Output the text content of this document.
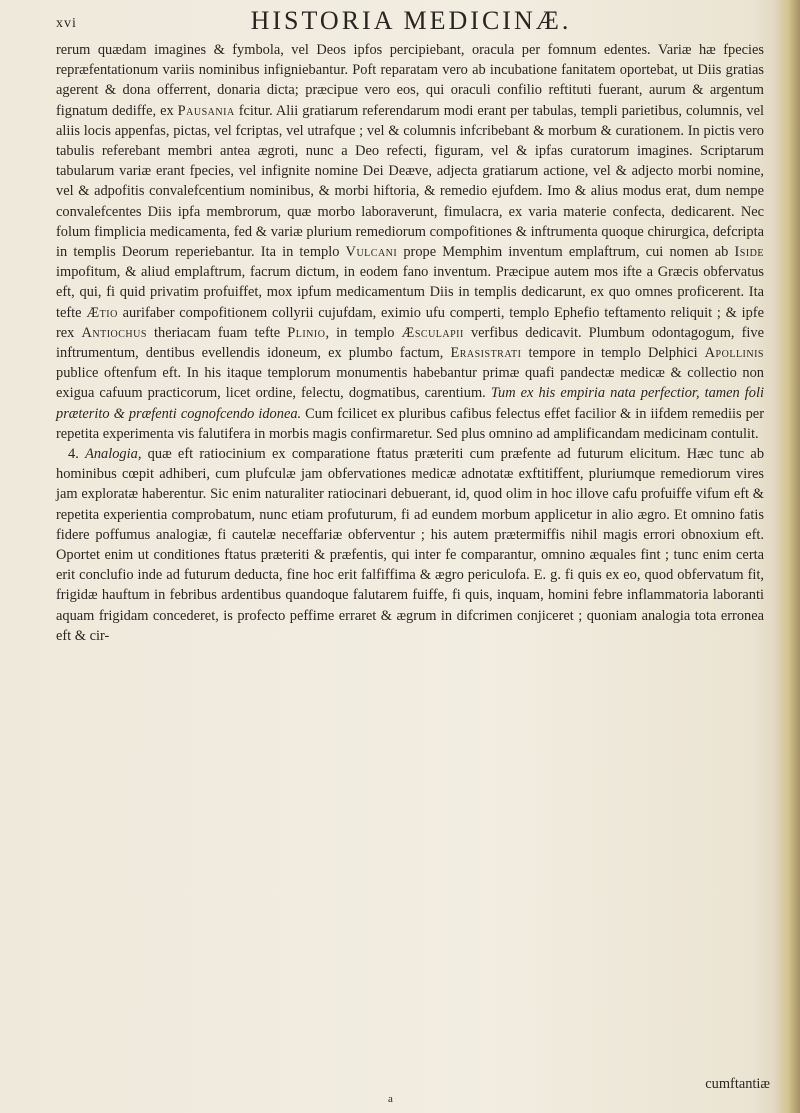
xvi	HISTORIA MEDICINÆ.

rerum quædam imagines & fymbola, vel Deos ipfos percipiebant, oracula per fomnum edentes. Variæ hæ fpecies repræfentationum variis nominibus infigniebantur. Poft reparatam vero ab incubatione fanitatem oportebat, ut Diis gratias agerent & dona offerrent, donaria dicta; præcipue vero eos, qui oraculi confilio reftituti fuerant, aurum & argentum fignatum dediffe, ex Pausania fcitur. Alii gratiarum referendarum modi erant per tabulas, templi parietibus, columnis, vel aliis locis appenfas, pictas, vel fcriptas, vel utrafque ; vel & columnis infcribebant & morbum & curationem. In pictis vero tabulis referebant membri antea ægroti, nunc a Deo refecti, figuram, vel & ipfas curatorum imagines. Scriptarum tabularum variæ erant fpecies, vel infignite nomine Dei Deæve, adjecta gratiarum actione, vel & adjecto morbi nomine, vel & adpofitis convalefcentium nominibus, & morbi hiftoria, & remedio ejufdem. Imo & alius modus erat, dum nempe convalefcentes Diis ipfa membrorum, quæ morbo laboraverunt, fimulacra, ex varia materie confecta, dedicarent. Nec folum fimplicia medicamenta, fed & variæ plurium remediorum compofitiones & inftrumenta quoque chirurgica, defcripta in templis Deorum reperiebantur. Ita in templo Vulcani prope Memphim inventum emplaftrum, cui nomen ab Iside impofitum, & aliud emplaftrum, facrum dictum, in eodem fano inventum. Præcipue autem mos ifte a Græcis obfervatus eft, qui, fi quid privatim profuiffet, mox ipfum medicamentum Diis in templis dedicarunt, ex quo omnes proficerent. Ita tefte Ætio aurifaber compofitionem collyrii cujufdam, eximio ufu comperti, templo Ephefio teftamento reliquit ; & ipfe rex Antiochus theriacam fuam tefte Plinio, in templo Æsculapii verfibus dedicavit. Plumbum odontagogum, five inftrumentum, dentibus evellendis idoneum, ex plumbo factum, Erasistrati tempore in templo Delphici Apollinis publice oftenfum eft. In his itaque templorum monumentis habebantur primæ quafi pandectæ medicæ & collectio non exigua cafuum practicorum, licet ordine, felectu, dogmatibus, carentium. Tum ex his empiria nata perfectior, tamen foli præterito & præfenti cognofcendo idonea. Cum fcilicet ex pluribus cafibus felectus effet facilior & in iifdem remediis per repetita experimenta vis falutifera in morbis magis confirmaretur. Sed plus omnino ad amplificandam medicinam contulit.

4. Analogia, quæ eft ratiocinium ex comparatione ftatus præteriti cum præfente ad futurum elicitum. Hæc tunc ab hominibus cœpit adhiberi, cum plufculæ jam obfervationes medicæ adnotatæ exftitiffent, pluriumque remediorum vires jam exploratæ haberentur. Sic enim naturaliter ratiocinari debuerant, id, quod olim in hoc illove cafu profuiffe vifum eft & repetita experientia comprobatum, nunc etiam profuturum, fi ad eundem morbum applicetur in alio ægro. Et omnino fatis fidere poffumus analogiæ, fi cautelæ neceffariæ obferventur ; his autem prætermiffis nihil magis errori obnoxium eft. Oportet enim ut conditiones ftatus præteriti & præfentis, qui inter fe comparantur, omnino æquales fint ; tunc enim certa erit conclufio inde ad futurum deducta, fine hoc erit falfiffima & ægro periculofa. E. g. fi quis ex eo, quod obfervatum fit, frigidæ hauftum in febribus ardentibus quandoque falutarem fuiffe, fi quis, inquam, homini febre inflammatoria laboranti aquam frigidam concederet, is profecto peffime erraret & ægrum in difcrimen conjiceret ; quoniam analogia tota erronea eft & cir-

cumftantiæ
a
